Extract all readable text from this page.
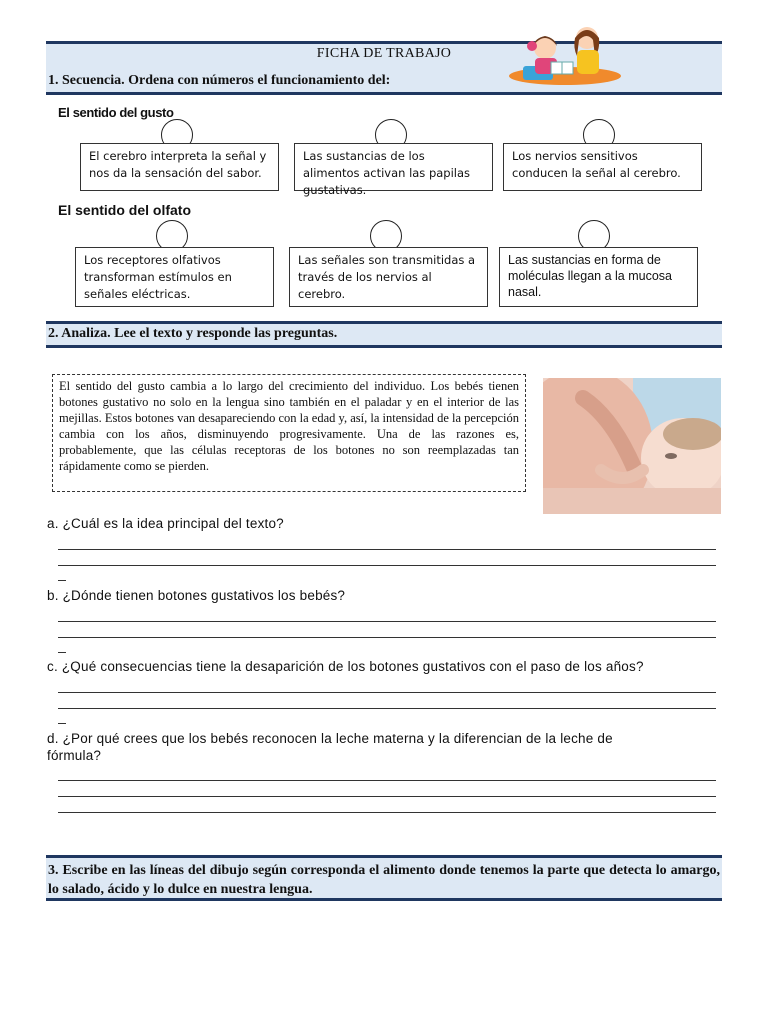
FICHA DE TRABAJO
1. Secuencia. Ordena con números el funcionamiento del:
El sentido del gusto
El cerebro interpreta la señal y nos da la sensación del sabor.
Las sustancias de los alimentos activan las papilas gustativas.
Los nervios sensitivos conducen la señal al cerebro.
El sentido del olfato
Los receptores olfativos transforman estímulos en señales eléctricas.
Las señales son transmitidas a través de los nervios al cerebro.
Las sustancias en forma de moléculas llegan a la mucosa nasal.
2. Analiza. Lee el texto y responde las preguntas.
El sentido del gusto cambia a lo largo del crecimiento del individuo. Los bebés tienen botones gustativo no solo en la lengua sino también en el paladar y en el interior de las mejillas. Estos botones van desapareciendo con la edad y, así, la intensidad de la percepción cambia con los años, disminuyendo progresivamente. Una de las razones es, probablemente, que las células receptoras de los botones no son reemplazadas tan rápidamente como se pierden.
a. ¿Cuál es la idea principal del texto?
b. ¿Dónde tienen botones gustativos los bebés?
c. ¿Qué consecuencias tiene la desaparición de los botones gustativos con el paso de los años?
d. ¿Por qué crees que los bebés reconocen la leche materna y la diferencian de la leche de fórmula?
3. Escribe en las líneas del dibujo según corresponda el alimento donde tenemos la parte que detecta lo amargo, lo salado, ácido y lo dulce en nuestra lengua.
